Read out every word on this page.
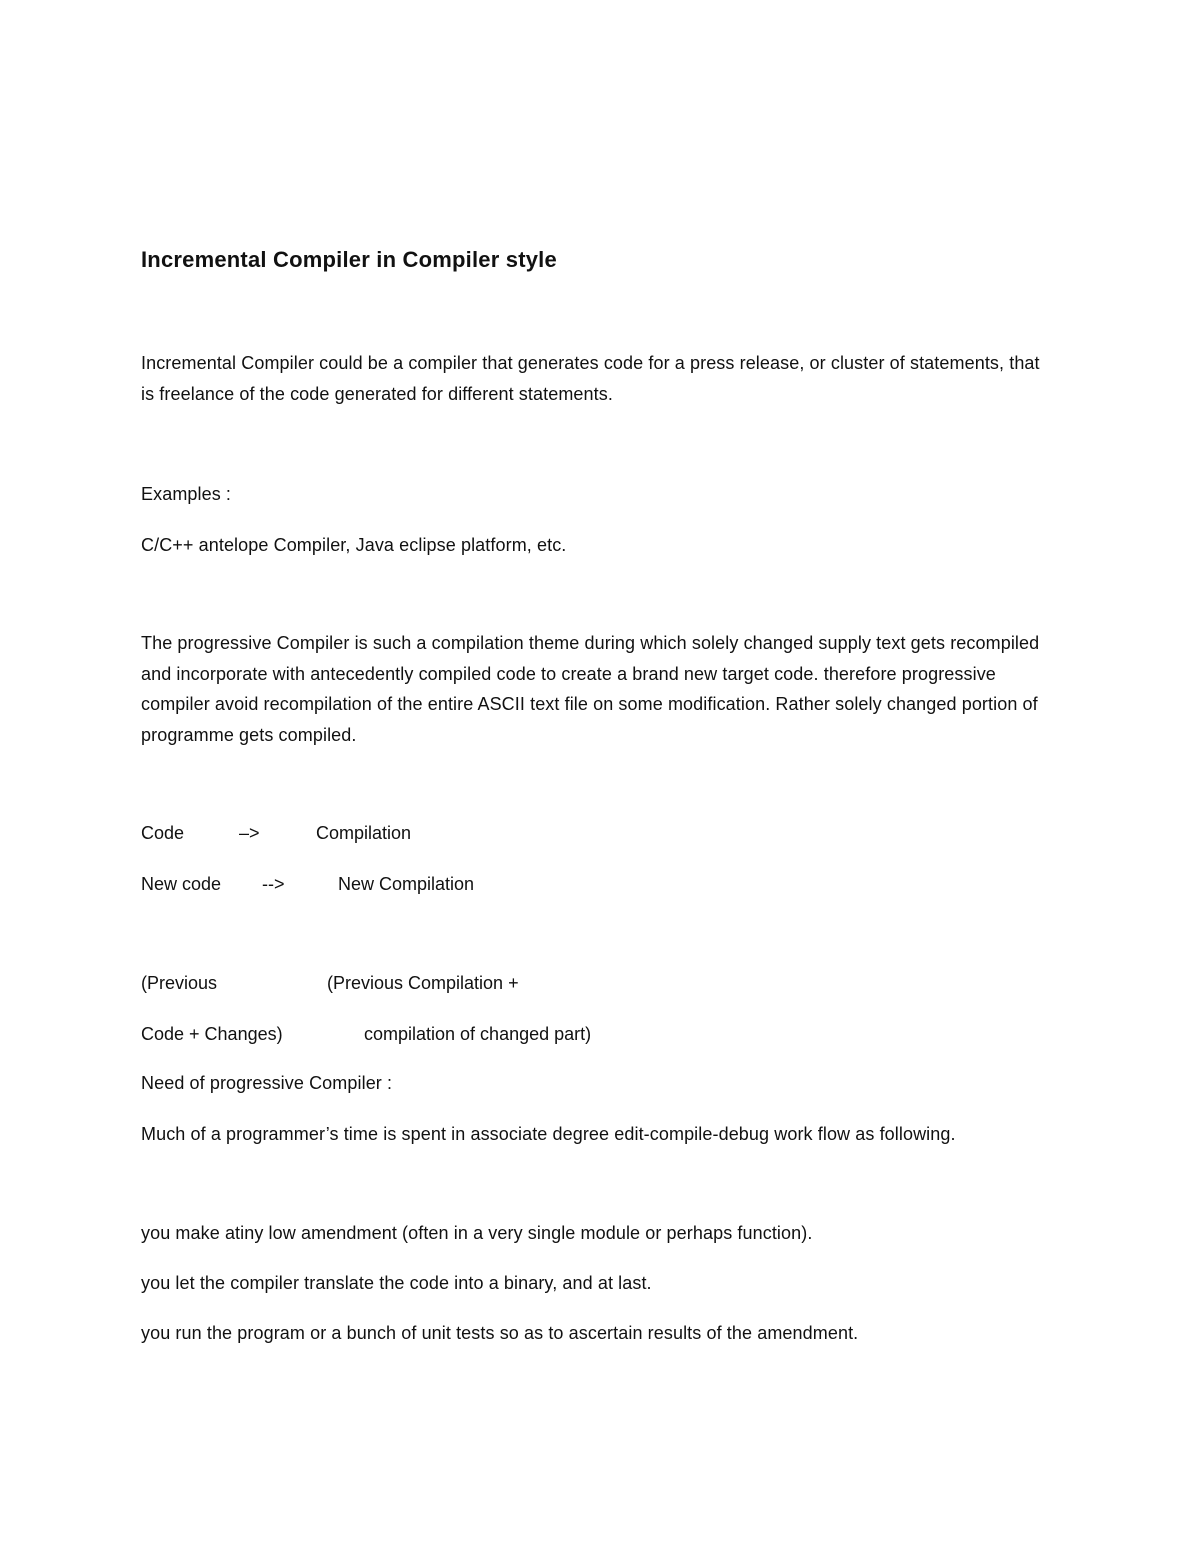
Incremental Compiler in Compiler style
Incremental Compiler could be a compiler that generates code for a press release, or cluster of statements, that is freelance of the code generated for different statements.
Examples :
C/C++ antelope Compiler, Java eclipse platform, etc.
The progressive Compiler is such a compilation theme during which solely changed supply text gets recompiled and incorporate with antecedently compiled code to create a brand new target code. therefore progressive compiler avoid recompilation of the entire ASCII text file on some modification. Rather solely changed portion of programme gets compiled.
Code	–>	Compilation
New code -->	New Compilation
(Previous	(Previous Compilation +
Code + Changes)	compilation of changed part)
Need of progressive Compiler :
Much of a programmer’s time is spent in associate degree edit-compile-debug work flow as following.
you make atiny low amendment (often in a very single module or perhaps function).
you let the compiler translate the code into a binary, and at last.
you run the program or a bunch of unit tests so as to ascertain results of the amendment.
